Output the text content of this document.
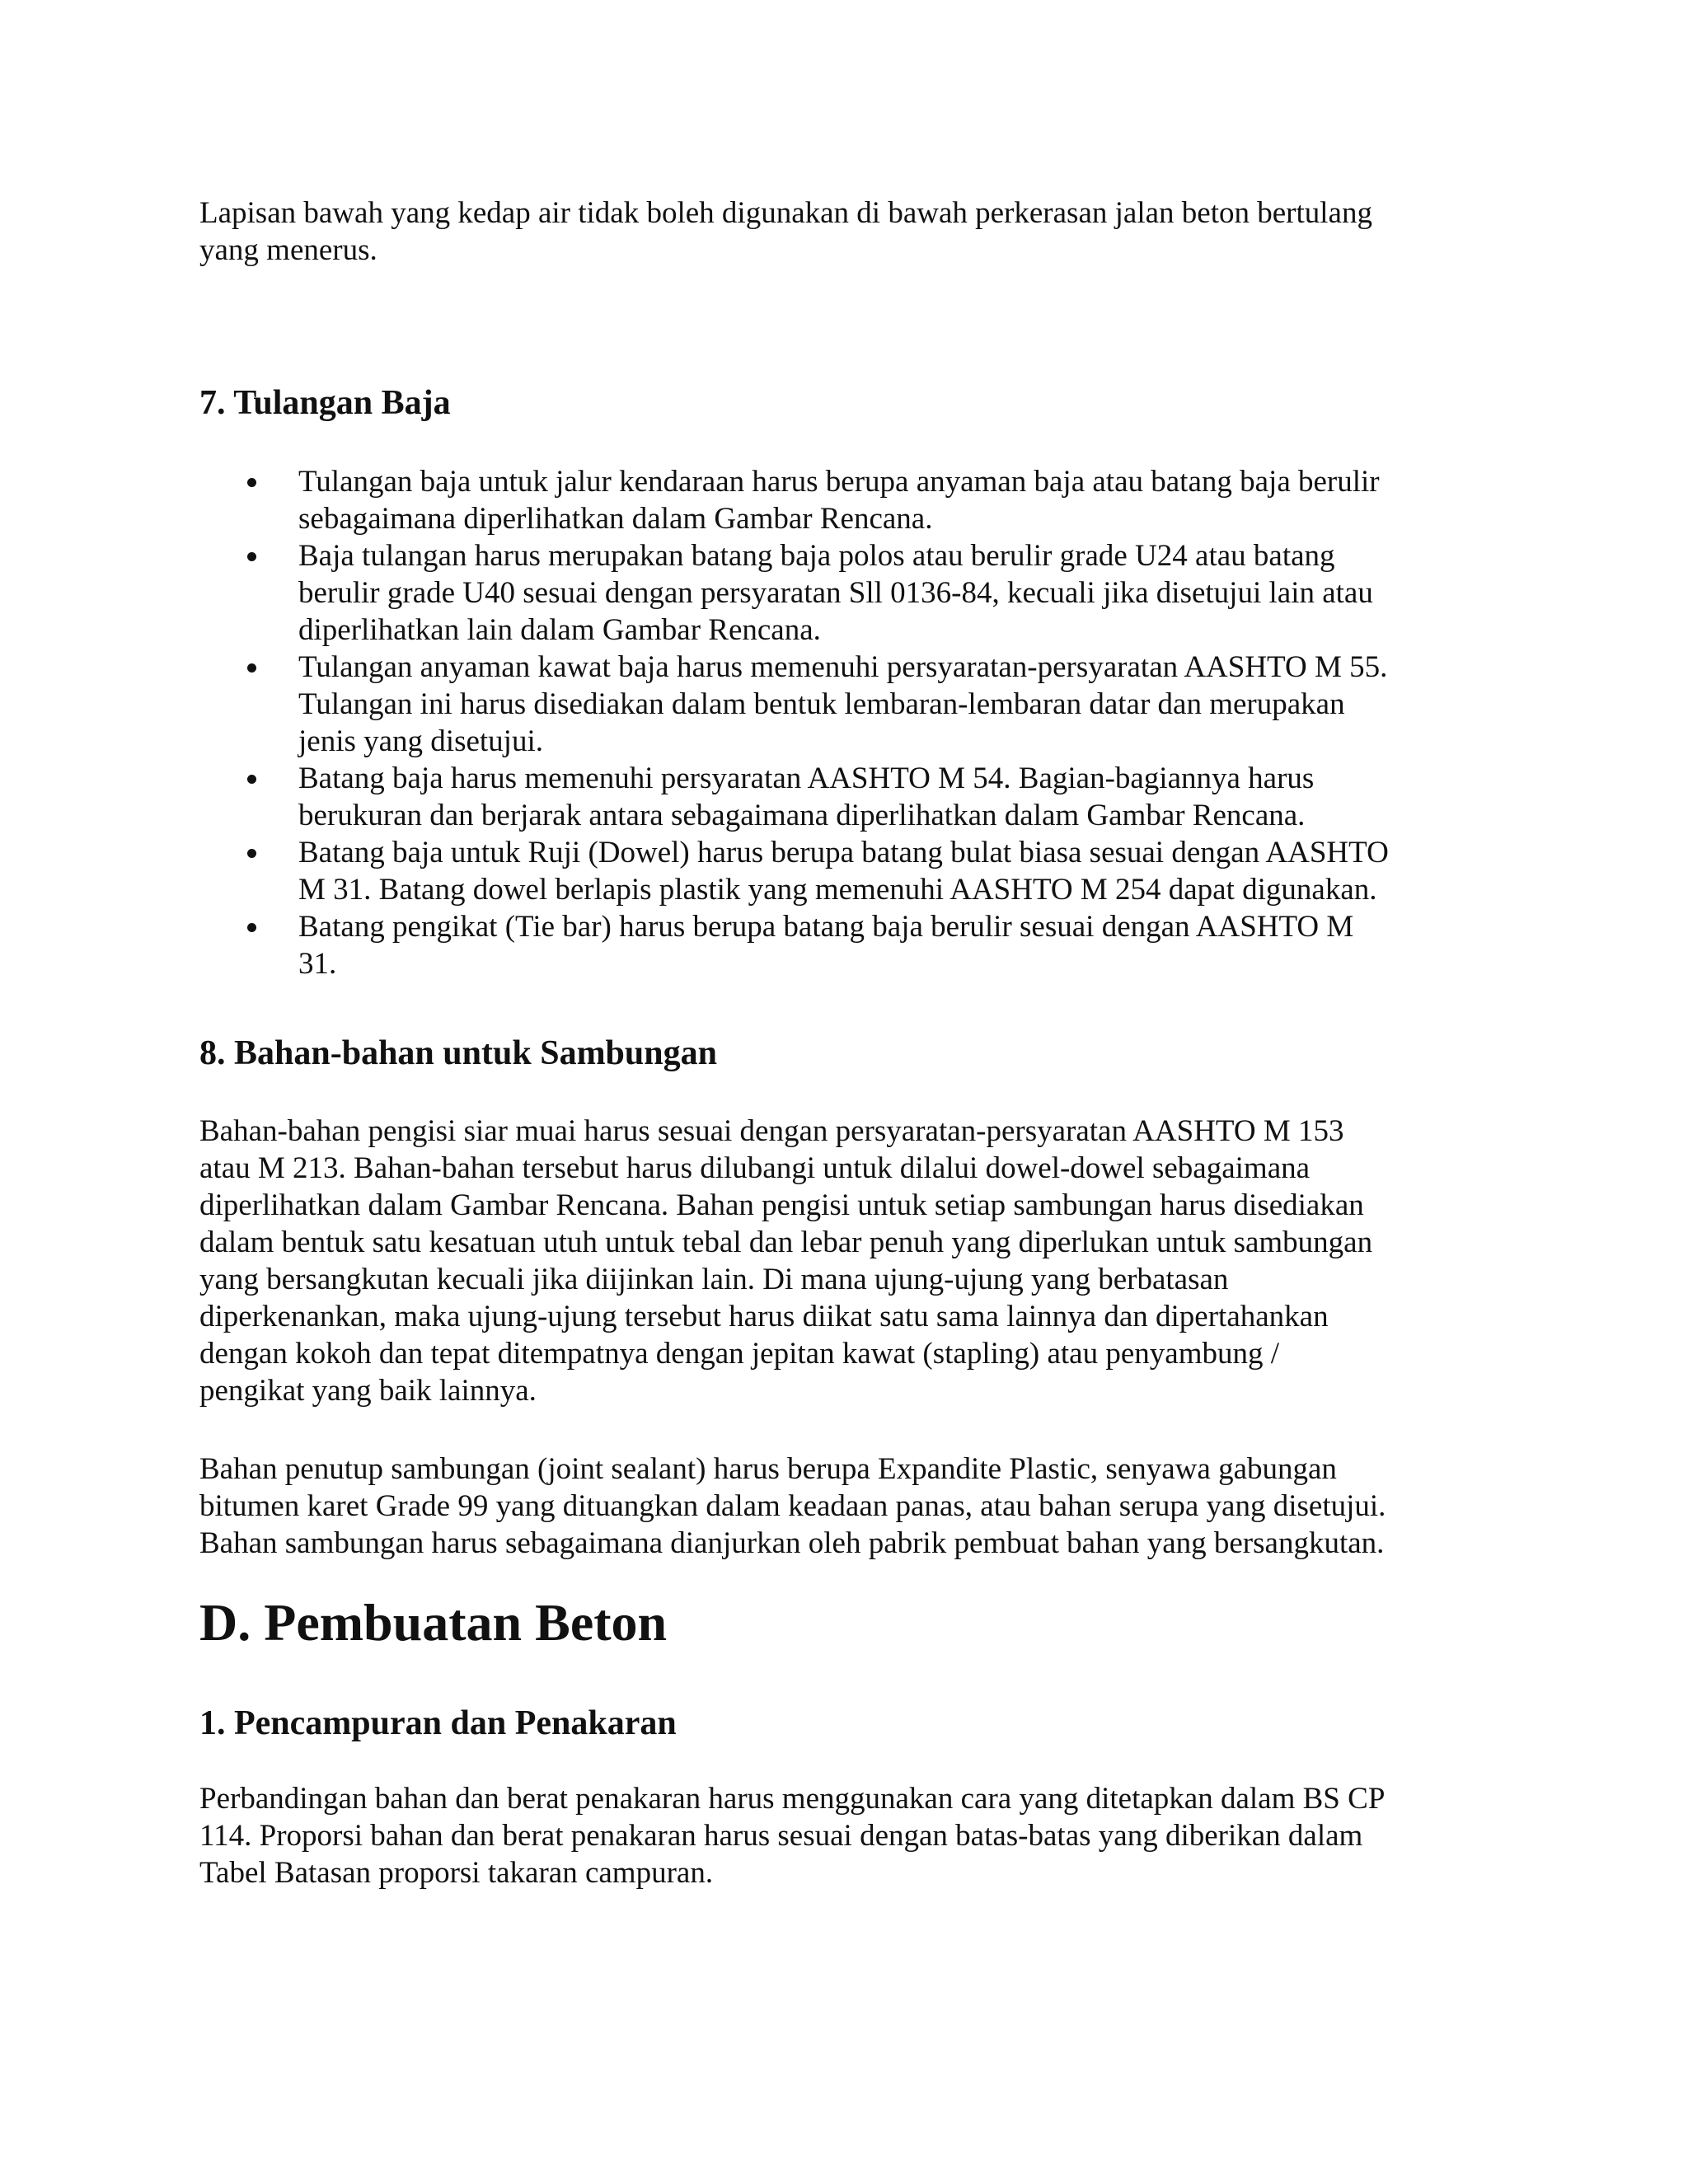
Lapisan bawah yang kedap air tidak boleh digunakan di bawah perkerasan jalan beton bertulang
yang menerus.

7. Tulangan Baja
Tulangan baja untuk jalur kendaraan harus berupa anyaman baja atau batang baja berulir
sebagaimana diperlihatkan dalam Gambar Rencana.
Baja tulangan harus merupakan batang baja polos atau berulir grade U24 atau batang
berulir grade U40 sesuai dengan persyaratan Sll 0136-84, kecuali jika disetujui lain atau
diperlihatkan lain dalam Gambar Rencana.
Tulangan anyaman kawat baja harus memenuhi persyaratan-persyaratan AASHTO M 55.
Tulangan ini harus disediakan dalam bentuk lembaran-lembaran datar dan merupakan
jenis yang disetujui.
Batang baja harus memenuhi persyaratan AASHTO M 54. Bagian-bagiannya harus
berukuran dan berjarak antara sebagaimana diperlihatkan dalam Gambar Rencana.
Batang baja untuk Ruji (Dowel) harus berupa batang bulat biasa sesuai dengan AASHTO
M 31. Batang dowel berlapis plastik yang memenuhi AASHTO M 254 dapat digunakan.
Batang pengikat (Tie bar) harus berupa batang baja berulir sesuai dengan AASHTO M
31.
8. Bahan-bahan untuk Sambungan

Bahan-bahan pengisi siar muai harus sesuai dengan persyaratan-persyaratan AASHTO M 153
atau M 213. Bahan-bahan tersebut harus dilubangi untuk dilalui dowel-dowel sebagaimana
diperlihatkan dalam Gambar Rencana. Bahan pengisi untuk setiap sambungan harus disediakan
dalam bentuk satu kesatuan utuh untuk tebal dan lebar penuh yang diperlukan untuk sambungan
yang bersangkutan kecuali jika diijinkan lain. Di mana ujung-ujung yang berbatasan
diperkenankan, maka ujung-ujung tersebut harus diikat satu sama lainnya dan dipertahankan
dengan kokoh dan tepat ditempatnya dengan jepitan kawat (stapling) atau penyambung /
pengikat yang baik lainnya.

Bahan penutup sambungan (joint sealant) harus berupa Expandite Plastic, senyawa gabungan
bitumen karet Grade 99 yang dituangkan dalam keadaan panas, atau bahan serupa yang disetujui.
Bahan sambungan harus sebagaimana dianjurkan oleh pabrik pembuat bahan yang bersangkutan.

D. Pembuatan Beton
1. Pencampuran dan Penakaran

Perbandingan bahan dan berat penakaran harus menggunakan cara yang ditetapkan dalam BS CP
114. Proporsi bahan dan berat penakaran harus sesuai dengan batas-batas yang diberikan dalam
Tabel Batasan proporsi takaran campuran.
